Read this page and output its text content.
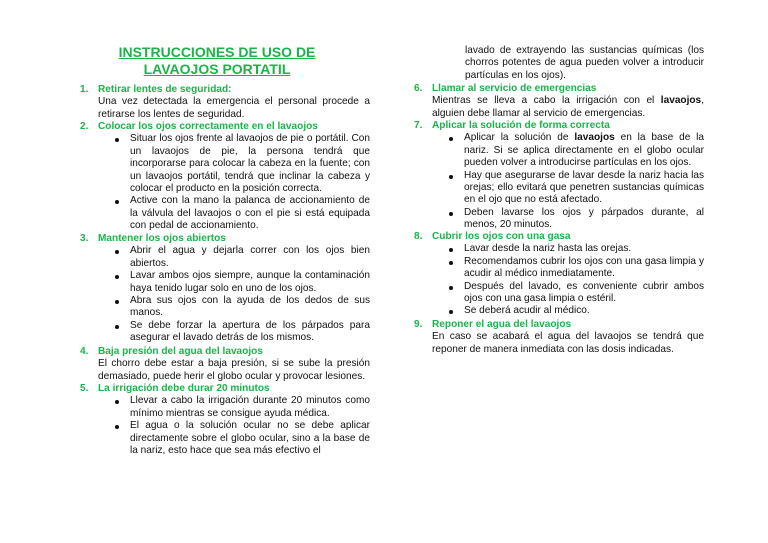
INSTRUCCIONES DE USO DE LAVAOJOS PORTATIL
1. Retirar lentes de seguridad:
Una vez detectada la emergencia el personal procede a retirarse los lentes de seguridad.
2. Colocar los ojos correctamente en el lavaojos
Situar los ojos frente al lavaojos de pie o portátil. Con un lavaojos de pie, la persona tendrá que incorporarse para colocar la cabeza en la fuente; con un lavaojos portátil, tendrá que inclinar la cabeza y colocar el producto en la posición correcta.
Active con la mano la palanca de accionamiento de la válvula del lavaojos o con el pie si está equipada con pedal de accionamiento.
3. Mantener los ojos abiertos
Abrir el agua y dejarla correr con los ojos bien abiertos.
Lavar ambos ojos siempre, aunque la contaminación haya tenido lugar solo en uno de los ojos.
Abra sus ojos con la ayuda de los dedos de sus manos.
Se debe forzar la apertura de los párpados para asegurar el lavado detrás de los mismos.
4. Baja presión del agua del lavaojos
El chorro debe estar a baja presión, si se sube la presión demasiado, puede herir el globo ocular y provocar lesiones.
5. La irrigación debe durar 20 minutos
Llevar a cabo la irrigación durante 20 minutos como mínimo mientras se consigue ayuda médica.
El agua o la solución ocular no se debe aplicar directamente sobre el globo ocular, sino a la base de la nariz, esto hace que sea más efectivo el
lavado de extrayendo las sustancias químicas (los chorros potentes de agua pueden volver a introducir partículas en los ojos).
6. Llamar al servicio de emergencias
Mientras se lleva a cabo la irrigación con el lavaojos, alguien debe llamar al servicio de emergencias.
7. Aplicar la solución de forma correcta
Aplicar la solución de lavaojos en la base de la nariz. Si se aplica directamente en el globo ocular pueden volver a introducirse partículas en los ojos.
Hay que asegurarse de lavar desde la nariz hacia las orejas; ello evitará que penetren sustancias químicas en el ojo que no está afectado.
Deben lavarse los ojos y párpados durante, al menos, 20 minutos.
8. Cubrir los ojos con una gasa
Lavar desde la nariz hasta las orejas.
Recomendamos cubrir los ojos con una gasa limpia y acudir al médico inmediatamente.
Después del lavado, es conveniente cubrir ambos ojos con una gasa limpia o estéril.
Se deberá acudir al médico.
9. Reponer el agua del lavaojos
En caso se acabará el agua del lavaojos se tendrá que reponer de manera inmediata con las dosis indicadas.
